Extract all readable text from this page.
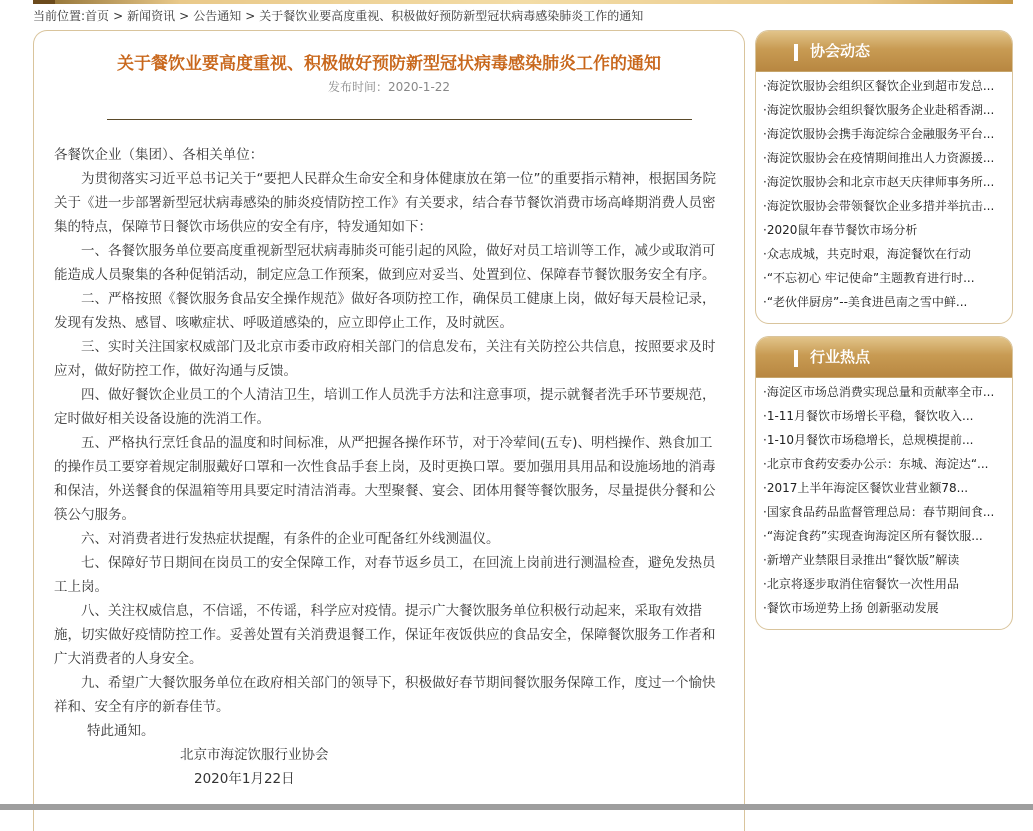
当前位置:首页 > 新闻资讯 > 公告通知 > 关于餐饮业要高度重视、积极做好预防新型冠状病毒感染肺炎工作的通知
关于餐饮业要高度重视、积极做好预防新型冠状病毒感染肺炎工作的通知
发布时间：2020-1-22

各餐饮企业（集团）、各相关单位：

为贯彻落实习近平总书记关于“要把人民群众生命安全和身体健康放在第一位”的重要指示精神，根据国务院关于《进一步部署新型冠状病毒感染的肺炎疫情防控工作》有关要求，结合春节餐饮消费市场高峰期消费人员密集的特点，保障节日餐饮市场供应的安全有序，特发通知如下：

一、各餐饮服务单位要高度重视新型冠状病毒肺炎可能引起的风险，做好对员工培训等工作，减少或取消可能造成人员聚集的各种促销活动，制定应急工作预案，做到应对妥当、处置到位、保障春节餐饮服务安全有序。

二、严格按照《餐饮服务食品安全操作规范》做好各项防控工作，确保员工健康上岗，做好每天晨检记录，发现有发热、感冒、咳嗽症状、呼吸道感染的，应立即停止工作，及时就医。

三、实时关注国家权威部门及北京市委市政府相关部门的信息发布，关注有关防控公共信息，按照要求及时应对，做好防控工作，做好沟通与反馈。

四、做好餐饮企业员工的个人清洁卫生，培训工作人员洗手方法和注意事项，提示就餐者洗手环节要规范，定时做好相关设备设施的洗消工作。

五、严格执行烹饪食品的温度和时间标准，从严把握各操作环节，对于冷荤间(五专)、明档操作、熟食加工的操作员工要穿着规定制服戴好口罩和一次性食品手套上岗，及时更换口罩。要加强用具用品和设施场地的消毒和保洁，外送餐食的保温箱等用具要定时清洁消毒。大型聚餐、宴会、团体用餐等餐饮服务，尽量提供分餐和公筷公勺服务。

六、对消费者进行发热症状提醒，有条件的企业可配备红外线测温仪。

七、保障好节日期间在岗员工的安全保障工作，对春节返乡员工，在回流上岗前进行测温检查，避免发热员工上岗。

八、关注权威信息，不信谣，不传谣，科学应对疫情。提示广大餐饮服务单位积极行动起来，采取有效措施，切实做好疫情防控工作。妥善处置有关消费退餐工作，保证年夜饭供应的食品安全，保障餐饮服务工作者和广大消费者的人身安全。

九、希望广大餐饮服务单位在政府相关部门的领导下，积极做好春节期间餐饮服务保障工作，度过一个愉快祥和、安全有序的新春佳节。

特此通知。

北京市海淀饮服行业协会

2020年1月22日

协会动态
·海淀饮服协会组织区餐饮企业到超市发总...
·海淀饮服协会组织餐饮服务企业赴稻香湖...
·海淀饮服协会携手海淀综合金融服务平台...
·海淀饮服协会在疫情期间推出人力资源援...
·海淀饮服协会和北京市赵天庆律师事务所...
·海淀饮服协会带领餐饮企业多措并举抗击...
·2020鼠年春节餐饮市场分析
·众志成城，共克时艰，海淀餐饮在行动
·“不忘初心 牢记使命”主题教育进行时...
·“老伙伴厨房”--美食进邑南之雪中鲜...
行业热点
·海淀区市场总消费实现总量和贡献率全市...
·1-11月餐饮市场增长平稳，餐饮收入...
·1-10月餐饮市场稳增长，总规模提前...
·北京市食药安委办公示：东城、海淀达“...
·2017上半年海淀区餐饮业营业额78...
·国家食品药品监督管理总局：春节期间食...
·“海淀食药”实现查询海淀区所有餐饮服...
·新增产业禁限目录推出“餐饮版”解读
·北京将逐步取消住宿餐饮一次性用品
·餐饮市场逆势上扬 创新驱动发展
